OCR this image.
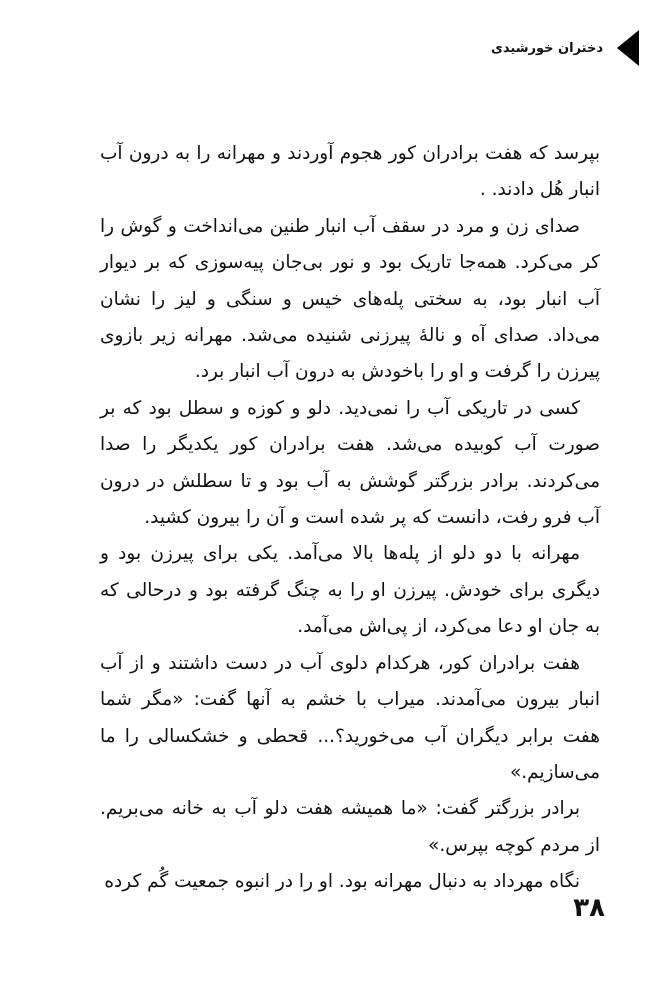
دختران خورشیدی

بپرسد که هفت برادران کور هجوم آوردند و مهرانه را به درون آب انبار هُل دادند. .

صدای زن و مرد در سقف آب انبار طنین می‌انداخت و گوش را کر می‌کرد. همه‌جا تاریک بود و نور بی‌جان پیه‌سوزی که بر دیوار آب انبار بود، به سختی پله‌های خیس و سنگی و لیز را نشان می‌داد. صدای آه و ناله‌ٔ پیرزنی شنیده می‌شد. مهرانه زیر بازوی پیرزن را گرفت و او را باخودش به درون آب انبار برد.

کسی در تاریکی آب را نمی‌دید. دلو و کوزه و سطل بود که بر صورت آب کوبیده می‌شد. هفت برادران کور یکدیگر را صدا می‌کردند. برادر بزرگتر گوشش به آب بود و تا سطلش در درون آب فرو رفت، دانست که پر شده است و آن را بیرون کشید.

مهرانه با دو دلو از پله‌ها بالا می‌آمد. یکی برای پیرزن بود و دیگری برای خودش. پیرزن او را به چنگ گرفته بود و درحالی که به جان او دعا می‌کرد، از پی‌اش می‌آمد.

هفت برادران کور، هرکدام دلوی آب در دست داشتند و از آب انبار بیرون می‌آمدند. میراب با خشم به آنها گفت: «مگر شما هفت برابر دیگران آب می‌خورید؟... قحطی و خشکسالی را ما می‌سازیم.»

برادر بزرگتر گفت: «ما همیشه هفت دلو آب به خانه می‌بریم. از مردم کوچه بپرس.»

نگاه مهرداد به دنبال مهرانه بود. او را در انبوه جمعیت گُم کرده

۳۸
